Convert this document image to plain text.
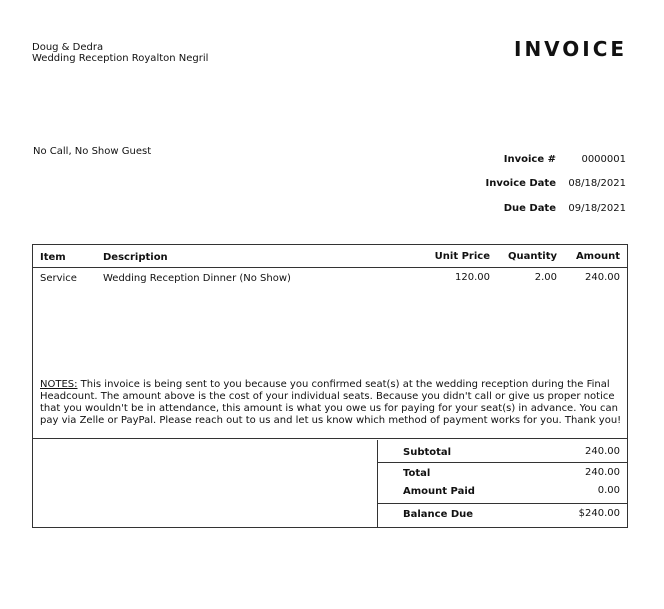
Doug & Dedra
Wedding Reception Royalton Negril	INVOICE
No Call, No Show Guest
Invoice #	0000001
Invoice Date 08/18/2021
Due Date 09/18/2021
Item	Description	Unit Price Quantity Amount
Service	Wedding Reception Dinner (No Show)	120.00	2.00	240.00
NOTES: This invoice is being sent to you because you confirmed seat(s) at the wedding reception during the Final Headcount. The amount above is the cost of your individual seats. Because you didn't call or give us proper notice that you wouldn't be in attendance, this amount is what you owe us for paying for your seat(s) in advance. You can pay via Zelle or PayPal. Please reach out to us and let us know which method of payment works for you. Thank you!
Subtotal	240.00
Total	240.00
Amount Paid	0.00
Balance Due	$240.00
